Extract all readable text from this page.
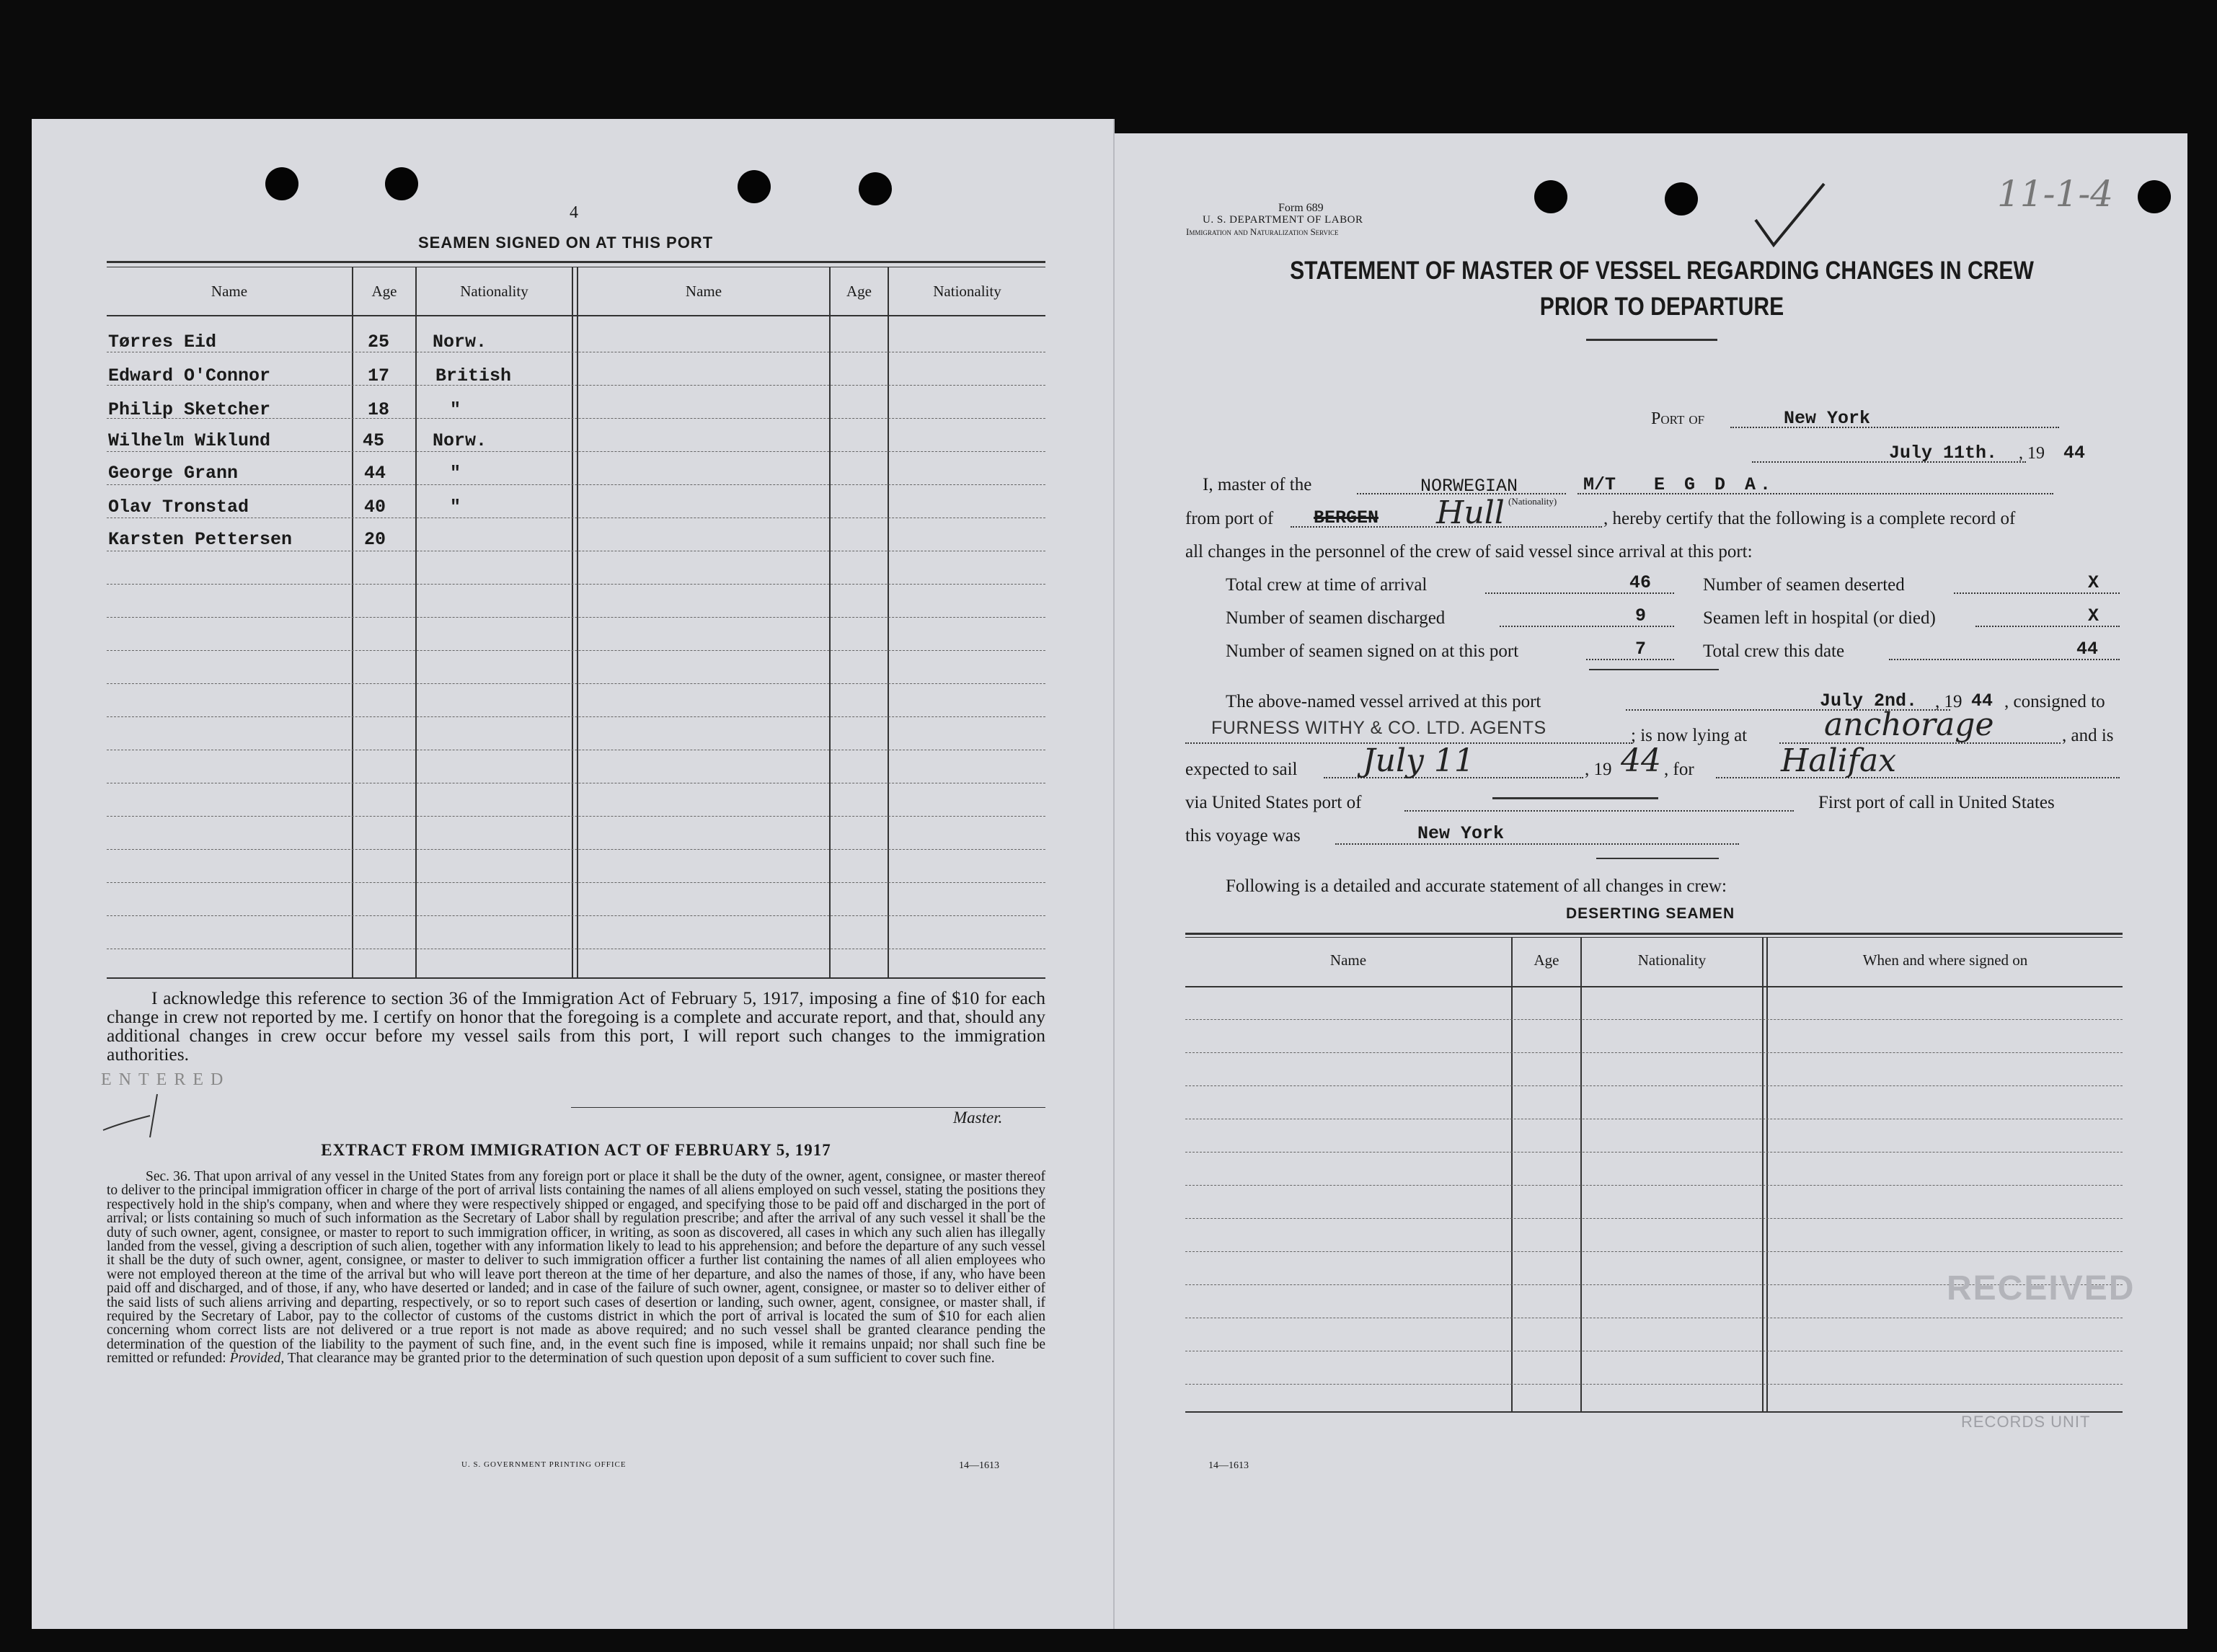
4
SEAMEN SIGNED ON AT THIS PORT
Name	Age	Nationality	Name	Age	Nationality
Tørres Eid	25 Norw.
Edward O'Connor	17	British
Philip Sketcher	18	"
Wilhelm Wiklund	45	Norw.
George Grann	44	"
Olav Tronstad	40	"
Karsten Pettersen	20
I acknowledge this reference to section 36 of the Immigration Act of February 5, 1917, imposing a fine of $10 for each change in crew not reported by me. I certify on honor that the foregoing is a complete and accurate report, and that, should any additional changes in crew occur before my vessel sails from this port, I will report such changes to the immigration authorities.
Master.
ENTERED
EXTRACT FROM IMMIGRATION ACT OF FEBRUARY 5, 1917
Sec. 36. That upon arrival of any vessel in the United States from any foreign port or place it shall be the duty of the owner, agent, consignee, or master thereof to deliver to the principal immigration officer in charge of the port of arrival lists containing the names of all aliens employed on such vessel, stating the positions they respectively hold in the ship's company, when and where they were respectively shipped or engaged, and specifying those to be paid off and discharged in the port of arrival; or lists containing so much of such information as the Secretary of Labor shall by regulation prescribe; and after the arrival of any such vessel it shall be the duty of such owner, agent, consignee, or master to report to such immigration officer, in writing, as soon as discovered, all cases in which any such alien has illegally landed from the vessel, giving a description of such alien, together with any information likely to lead to his apprehension; and before the departure of any such vessel it shall be the duty of such owner, agent, consignee, or master to deliver to such immigration officer a further list containing the names of all alien employees who were not employed thereon at the time of the arrival but who will leave port thereon at the time of her departure, and also the names of those, if any, who have been paid off and discharged, and of those, if any, who have deserted or landed; and in case of the failure of such owner, agent, consignee, or master so to deliver either of the said lists of such aliens arriving and departing, respectively, or so to report such cases of desertion or landing, such owner, agent, consignee, or master shall, if required by the Secretary of Labor, pay to the collector of customs of the customs district in which the port of arrival is located the sum of $10 for each alien concerning whom correct lists are not delivered or a true report is not made as above required; and no such vessel shall be granted clearance pending the determination of the question of the liability to the payment of such fine, and, in the event such fine is imposed, while it remains unpaid; nor shall such fine be remitted or refunded: Provided, That clearance may be granted prior to the determination of such question upon deposit of a sum sufficient to cover such fine.
U. S. GOVERNMENT PRINTING OFFICE	14—1613
Form 689
U. S. DEPARTMENT OF LABOR
Immigration and Naturalization Service
STATEMENT OF MASTER OF VESSEL REGARDING CHANGES IN CREW
PRIOR TO DEPARTURE
11-1-4
Port of	New York
July 11th. , 19 44
I, master of the	NORWEGIAN
(Nationality)
M/T E G D A.
from port of BERGEN Hull	, hereby certify that the following is a complete record of
all changes in the personnel of the crew of said vessel since arrival at this port:
Total crew at time of arrival	46	Number of seamen deserted	X
Number of seamen discharged	9	Seamen left in hospital (or died)	X
Number of seamen signed on at this port	7	Total crew this date	44
The above-named vessel arrived at this port	July 2nd. , 19 44 , consigned to
FURNESS WITHY & CO. LTD. AGENTS	; is now lying at anchorage	, and is
expected to sail July 11	, 19 44 , for	Halifax
via United States port of	First port of call in United States
this voyage was	New York
Following is a detailed and accurate statement of all changes in crew:
DESERTING SEAMEN
Name	Age	Nationality	When and where signed on
RECEIVED
RECORDS UNIT
14—1613
